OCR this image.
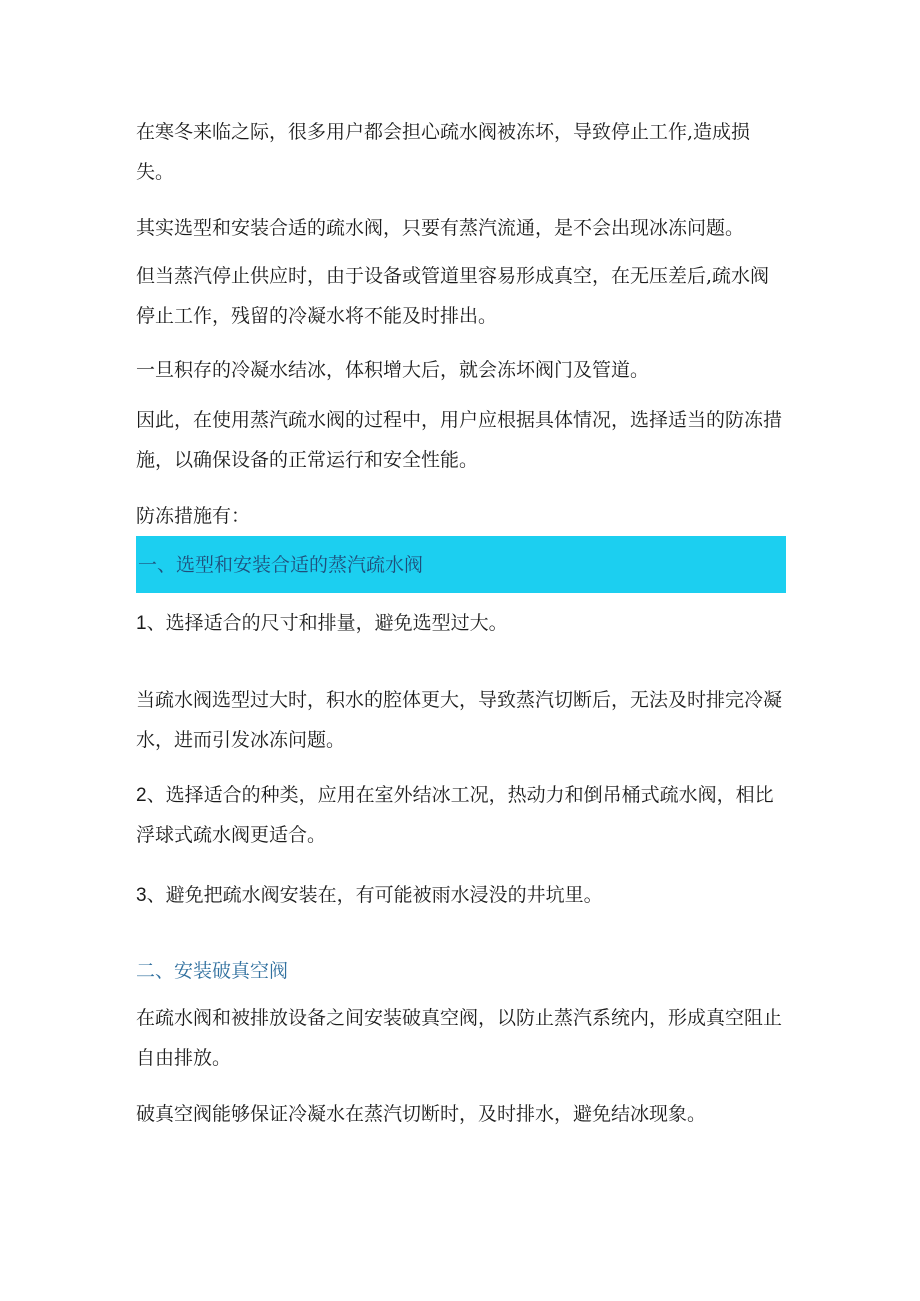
在寒冬来临之际，很多用户都会担心疏水阀被冻坏，导致停止工作,造成损失。

其实选型和安装合适的疏水阀，只要有蒸汽流通，是不会出现冰冻问题。

但当蒸汽停止供应时，由于设备或管道里容易形成真空，在无压差后,疏水阀停止工作，残留的冷凝水将不能及时排出。

一旦积存的冷凝水结冰，体积增大后，就会冻坏阀门及管道。

因此，在使用蒸汽疏水阀的过程中，用户应根据具体情况，选择适当的防冻措施，以确保设备的正常运行和安全性能。

防冻措施有：

一、选型和安装合适的蒸汽疏水阀

1、选择适合的尺寸和排量，避免选型过大。

当疏水阀选型过大时，积水的腔体更大，导致蒸汽切断后，无法及时排完冷凝水，进而引发冰冻问题。

2、选择适合的种类，应用在室外结冰工况，热动力和倒吊桶式疏水阀，相比浮球式疏水阀更适合。

3、避免把疏水阀安装在，有可能被雨水浸没的井坑里。

二、安装破真空阀

在疏水阀和被排放设备之间安装破真空阀，以防止蒸汽系统内，形成真空阻止自由排放。

破真空阀能够保证冷凝水在蒸汽切断时，及时排水，避免结冰现象。
